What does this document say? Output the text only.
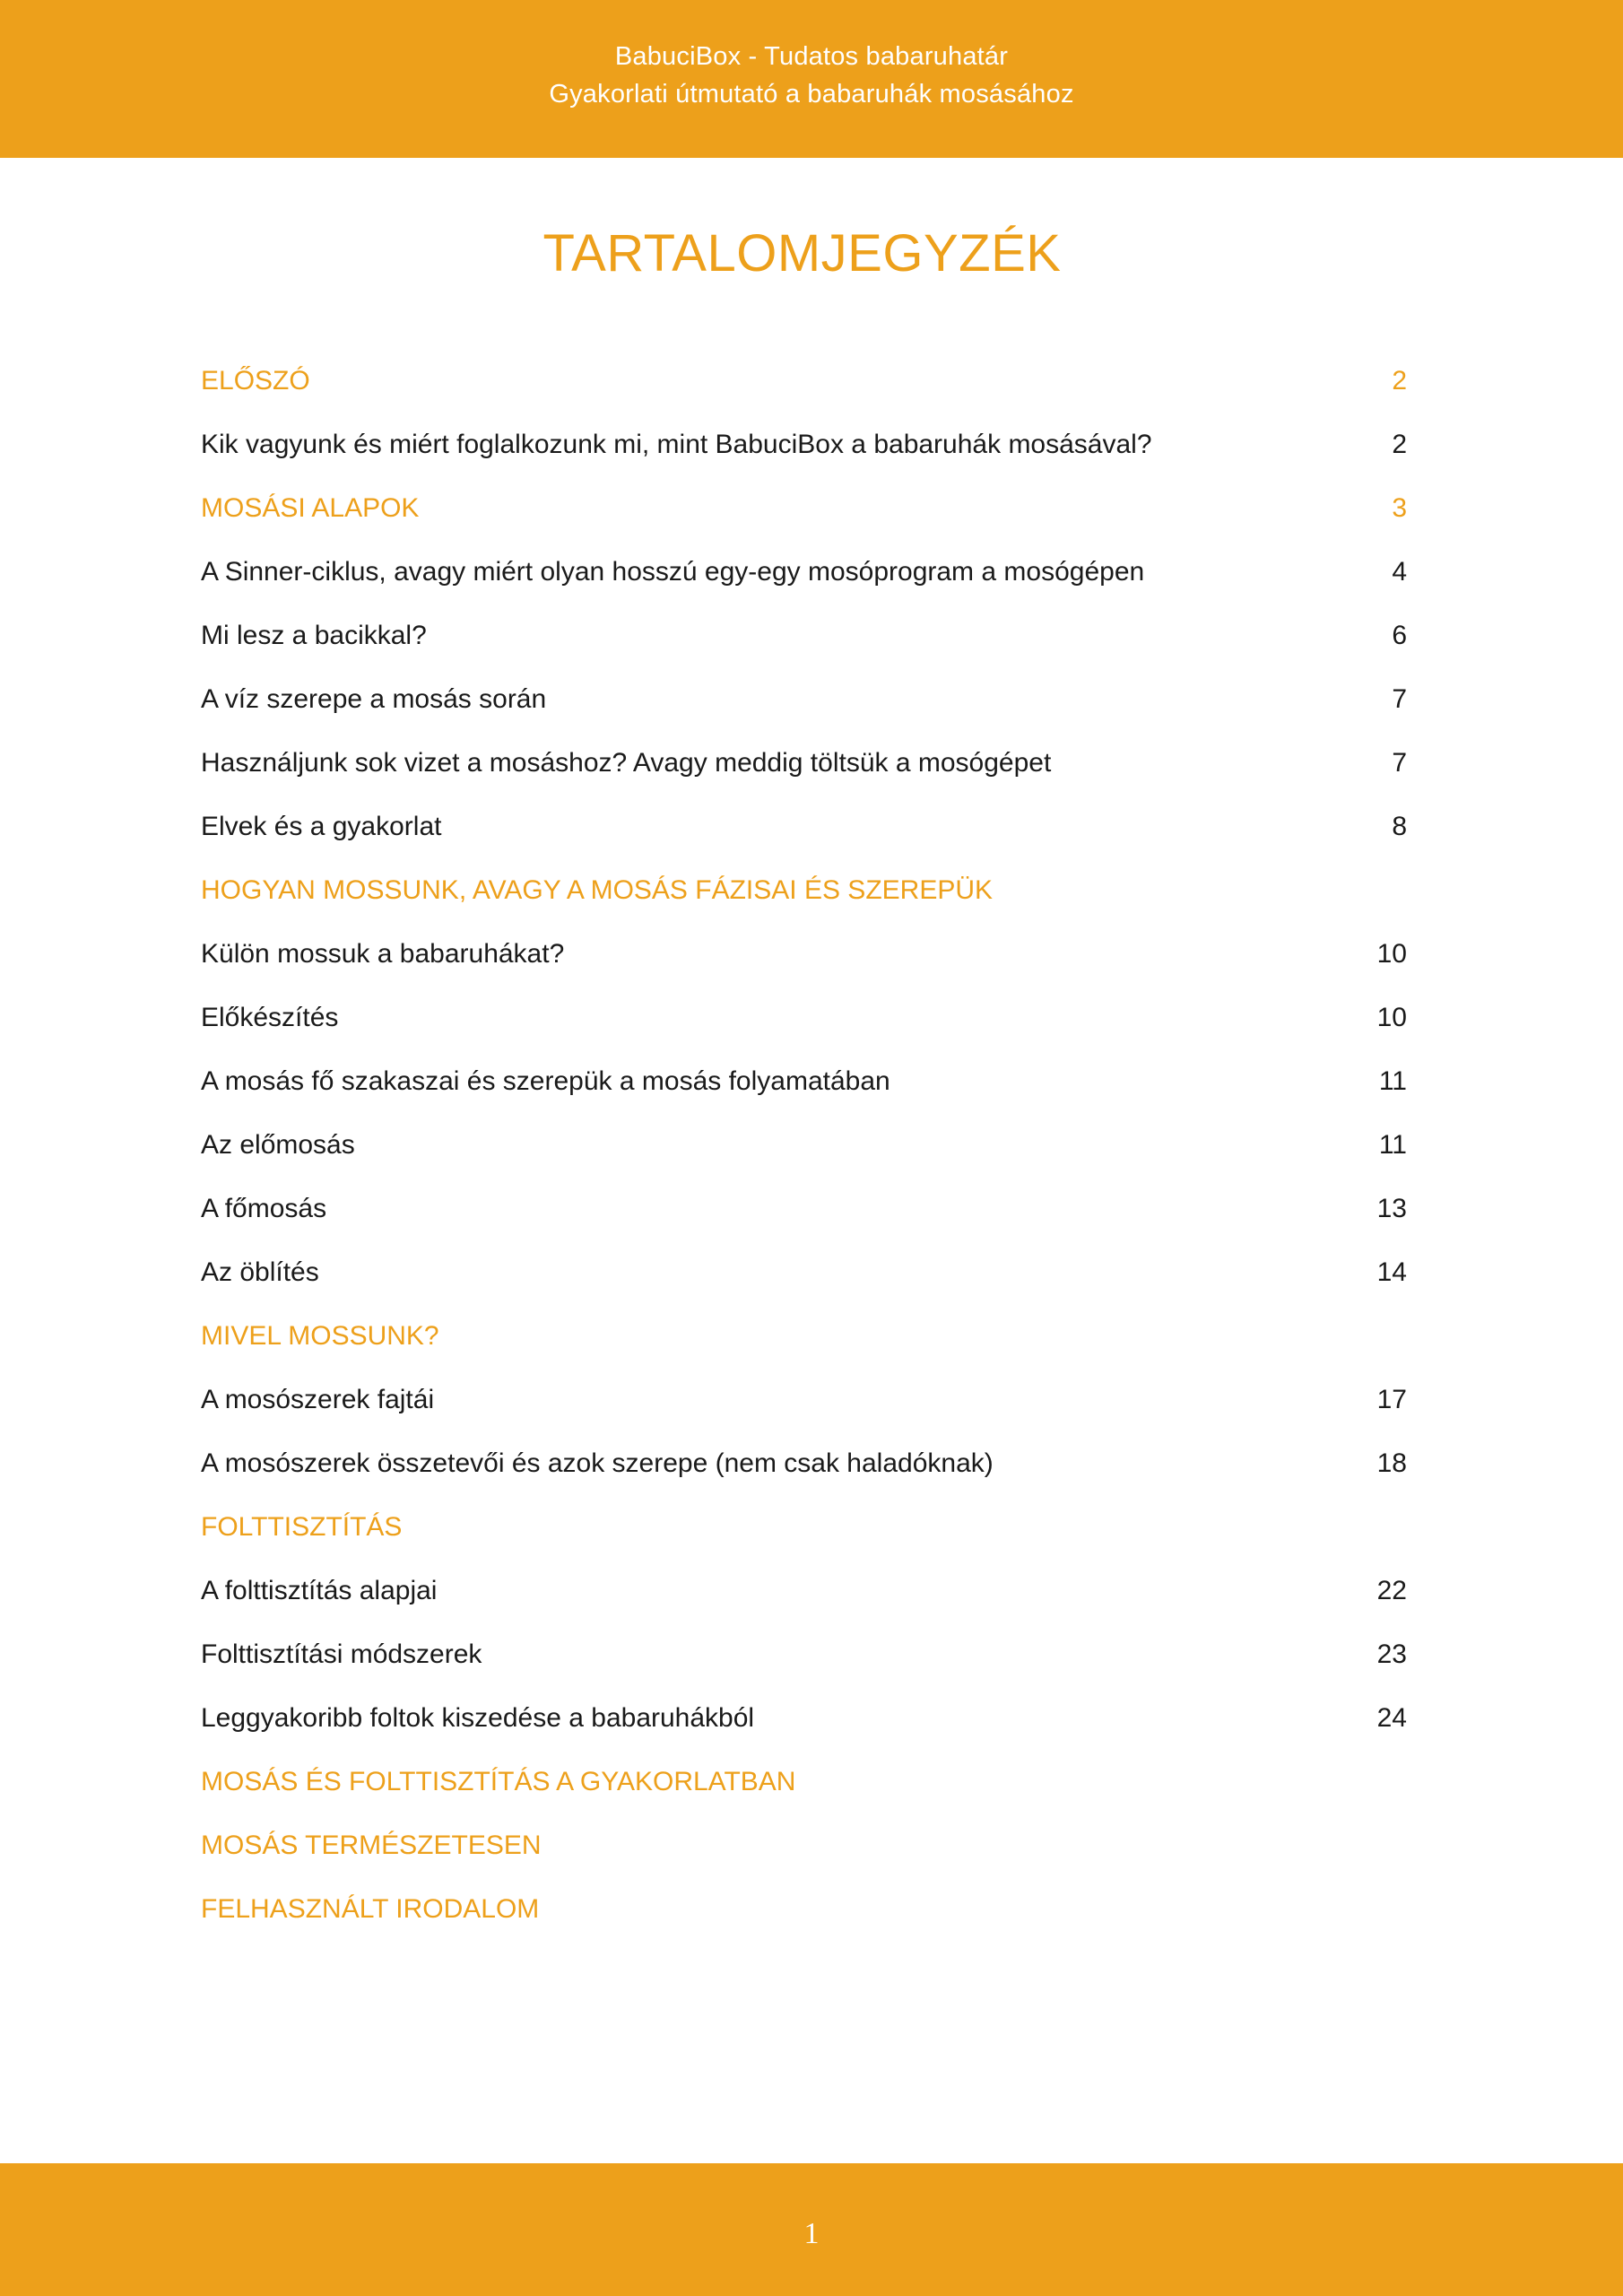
BabuciBox - Tudatos babaruhatár
Gyakorlati útmutató a babaruhák mosásához
TARTALOMJEGYZÉK
ELŐSZÓ	2
Kik vagyunk és miért foglalkozunk mi, mint BabuciBox a babaruhák mosásával?	2
MOSÁSI ALAPOK	3
A Sinner-ciklus, avagy miért olyan hosszú egy-egy mosóprogram a mosógépen	4
Mi lesz a bacikkal?	6
A víz szerepe a mosás során	7
Használjunk sok vizet a mosáshoz? Avagy meddig töltsük a mosógépet	7
Elvek és a gyakorlat	8
HOGYAN MOSSUNK, AVAGY A MOSÁS FÁZISAI ÉS SZEREPÜK
Külön mossuk a babaruhákat?	10
Előkészítés	10
A mosás fő szakaszai és szerepük a mosás folyamatában	11
Az előmosás	11
A főmosás	13
Az öblítés	14
MIVEL MOSSUNK?
A mosószerek fajtái	17
A mosószerek összetevői és azok szerepe (nem csak haladóknak)	18
FOLTTISZTÍTÁS
A folttisztítás alapjai	22
Folttisztítási módszerek	23
Leggyakoribb foltok kiszedése a babaruhákból	24
MOSÁS ÉS FOLTTISZTÍTÁS A GYAKORLATBAN
MOSÁS TERMÉSZETESEN
FELHASZNÁLT IRODALOM
1
